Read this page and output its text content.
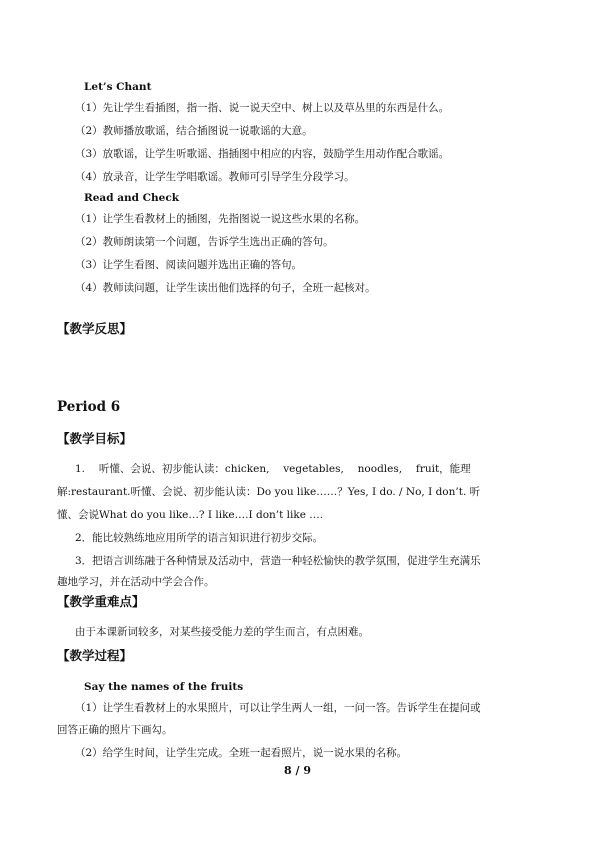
Let’s Chant
（1）先让学生看插图，指一指、说一说天空中、树上以及草丛里的东西是什么。
（2）教师播放歌谣，结合插图说一说歌谣的大意。
（3）放歌谣，让学生听歌谣、指插图中相应的内容，鼓励学生用动作配合歌谣。
（4）放录音，让学生学唱歌谣。教师可引导学生分段学习。
Read and Check
（1）让学生看教材上的插图，先指图说一说这些水果的名称。
（2）教师朗读第一个问题，告诉学生选出正确的答句。
（3）让学生看图、阅读问题并选出正确的答句。
（4）教师读问题，让学生读出他们选择的句子，全班一起核对。
【教学反思】
Period 6
【教学目标】
1.　 听懂、会说、初步能认读：chicken,　 vegetables,　 noodles,　 fruit，能理
解:restaurant.听懂、会说、初步能认读：Do you like……？Yes, I do. / No, I don’t. 听
懂、会说What do you like…? I like….I don’t like ….
2．能比较熟练地应用所学的语言知识进行初步交际。
3．把语言训练融于各种情景及活动中，营造一种轻松愉快的教学氛围，促进学生充满乐
趣地学习，并在活动中学会合作。
【教学重难点】
由于本课新词较多，对某些接受能力差的学生而言，有点困难。
【教学过程】
Say the names of the fruits
（1）让学生看教材上的水果照片，可以让学生两人一组，一问一答。告诉学生在提问或
回答正确的照片下画勾。
（2）给学生时间，让学生完成。全班一起看照片，说一说水果的名称。
8 / 9
